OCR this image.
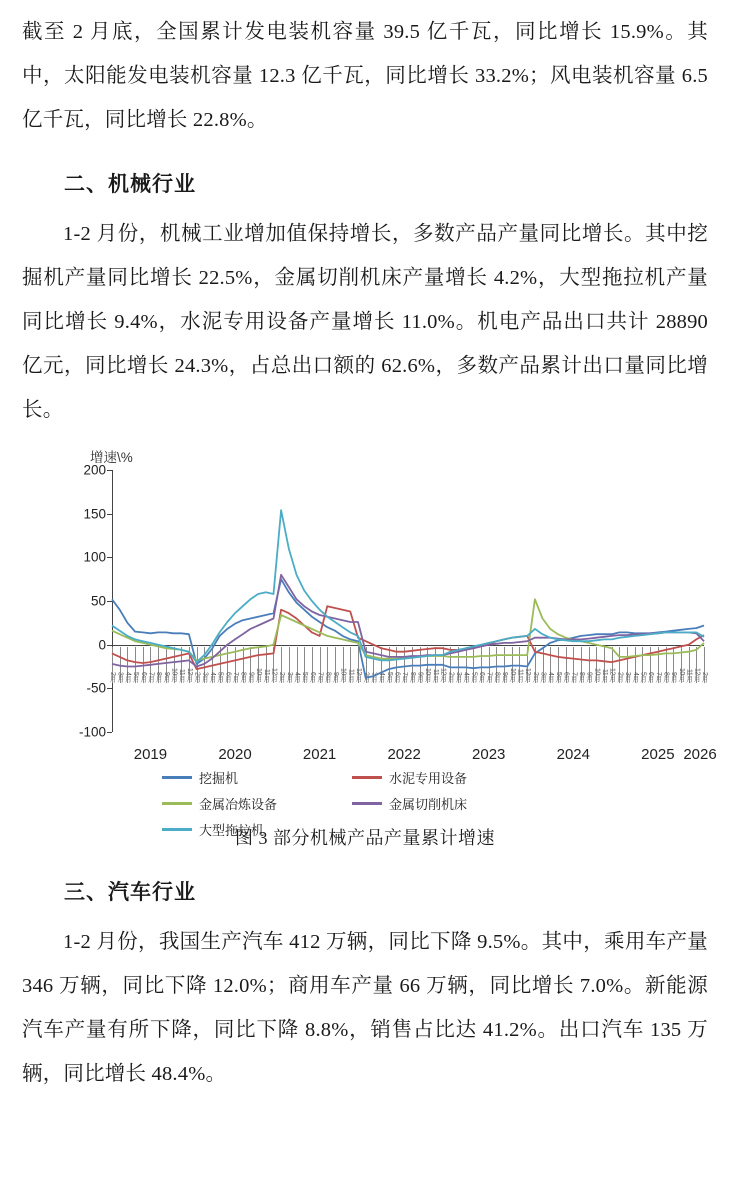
截至 2 月底，全国累计发电装机容量 39.5 亿千瓦，同比增长 15.9%。其中，太阳能发电装机容量 12.3 亿千瓦，同比增长 33.2%；风电装机容量 6.5 亿千瓦，同比增长 22.8%。

二、机械行业

1-2 月份，机械工业增加值保持增长，多数产品产量同比增长。其中挖掘机产量同比增长 22.5%，金属切削机床产量增长 4.2%，大型拖拉机产量同比增长 9.4%，水泥专用设备产量增长 11.0%。机电产品出口共计 28890 亿元，同比增长 24.3%，占总出口额的 62.6%，多数产品累计出口量同比增长。

增速\%
-100
-50
0
50
100
150
200
2月 3月 4月 5月 6月 7月 8月 9月 10月 11月 12月 2月 3月 4月 5月 6月 7月 8月 9月 10月 11月 12月 2月 3月 4月 5月 6月 7月 8月 9月 10月 11月 12月 2月 3月 4月 5月 6月 7月 8月 9月 10月 11月 12月 2月 3月 4月 5月 6月 7月 8月 9月 10月 11月 12月 2月 3月 4月 5月 6月 7月 8月 9月 10月 11月 12月 2月 3月 4月 5月 6月 7月 8月 9月 10月 11月 12月 2月
2019	2020	2021	2022	2023	2024	2025 2026
挖掘机	水泥专用设备
金属冶炼设备	金属切削机床
大型拖拉机
图 3 部分机械产品产量累计增速
三、汽车行业

1-2 月份，我国生产汽车 412 万辆，同比下降 9.5%。其中，乘用车产量 346 万辆，同比下降 12.0%；商用车产量 66 万辆，同比增长 7.0%。新能源汽车产量有所下降，同比下降 8.8%，销售占比达 41.2%。出口汽车 135 万辆，同比增长 48.4%。
